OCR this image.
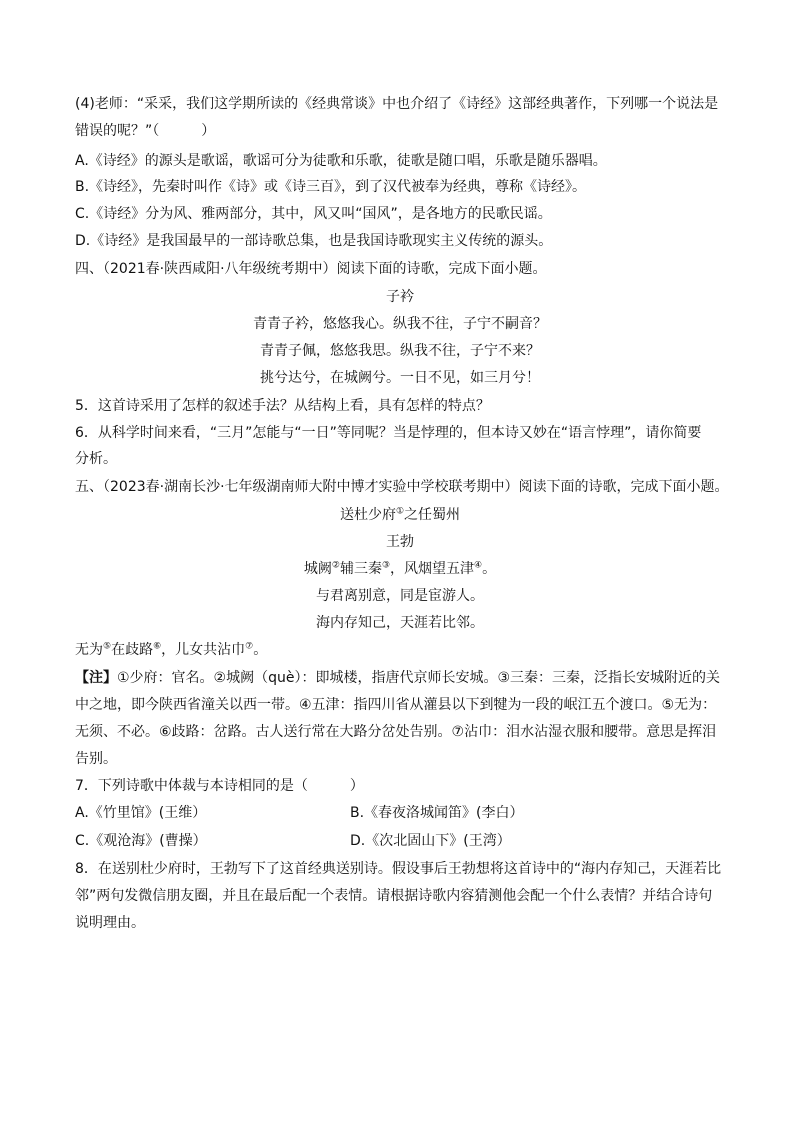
(4)老师：“采采，我们这学期所读的《经典常谈》中也介绍了《诗经》这部经典著作，下列哪一个说法是
错误的呢？”（　　　）
A.《诗经》的源头是歌谣，歌谣可分为徒歌和乐歌，徒歌是随口唱，乐歌是随乐器唱。
B.《诗经》，先秦时叫作《诗》或《诗三百》，到了汉代被奉为经典，尊称《诗经》。
C.《诗经》分为风、雅两部分，其中，风又叫“国风”，是各地方的民歌民谣。
D.《诗经》是我国最早的一部诗歌总集，也是我国诗歌现实主义传统的源头。
四、（2021春·陕西咸阳·八年级统考期中）阅读下面的诗歌，完成下面小题。
子衿
青青子衿，悠悠我心。纵我不往，子宁不嗣音？
青青子佩，悠悠我思。纵我不往，子宁不来？
挑兮达兮，在城阙兮。一日不见，如三月兮！
5．这首诗采用了怎样的叙述手法？从结构上看，具有怎样的特点？
6．从科学时间来看，“三月”怎能与“一日”等同呢？当是悖理的，但本诗又妙在“语言悖理”，请你简要
分析。
五、（2023春·湖南长沙·七年级湖南师大附中博才实验中学校联考期中）阅读下面的诗歌，完成下面小题。
送杜少府①之任蜀州
王勃
城阙②辅三秦③，风烟望五津④。
与君离别意，同是宦游人。
海内存知己，天涯若比邻。
无为⑤在歧路⑥，儿女共沾巾⑦。
【注】①少府：官名。②城阙（què）：即城楼，指唐代京师长安城。③三秦：三秦，泛指长安城附近的关
中之地，即今陕西省潼关以西一带。④五津：指四川省从灌县以下到犍为一段的岷江五个渡口。⑤无为：
无须、不必。⑥歧路：岔路。古人送行常在大路分岔处告别。⑦沾巾：泪水沾湿衣服和腰带。意思是挥泪
告别。
7．下列诗歌中体裁与本诗相同的是（　　　）
A.《竹里馆》(王维）	B.《春夜洛城闻笛》(李白）
C.《观沧海》(曹操）	D.《次北固山下》(王湾）
8．在送别杜少府时，王勃写下了这首经典送别诗。假设事后王勃想将这首诗中的“海内存知己，天涯若比
邻”两句发微信朋友圈，并且在最后配一个表情。请根据诗歌内容猜测他会配一个什么表情？并结合诗句
说明理由。
